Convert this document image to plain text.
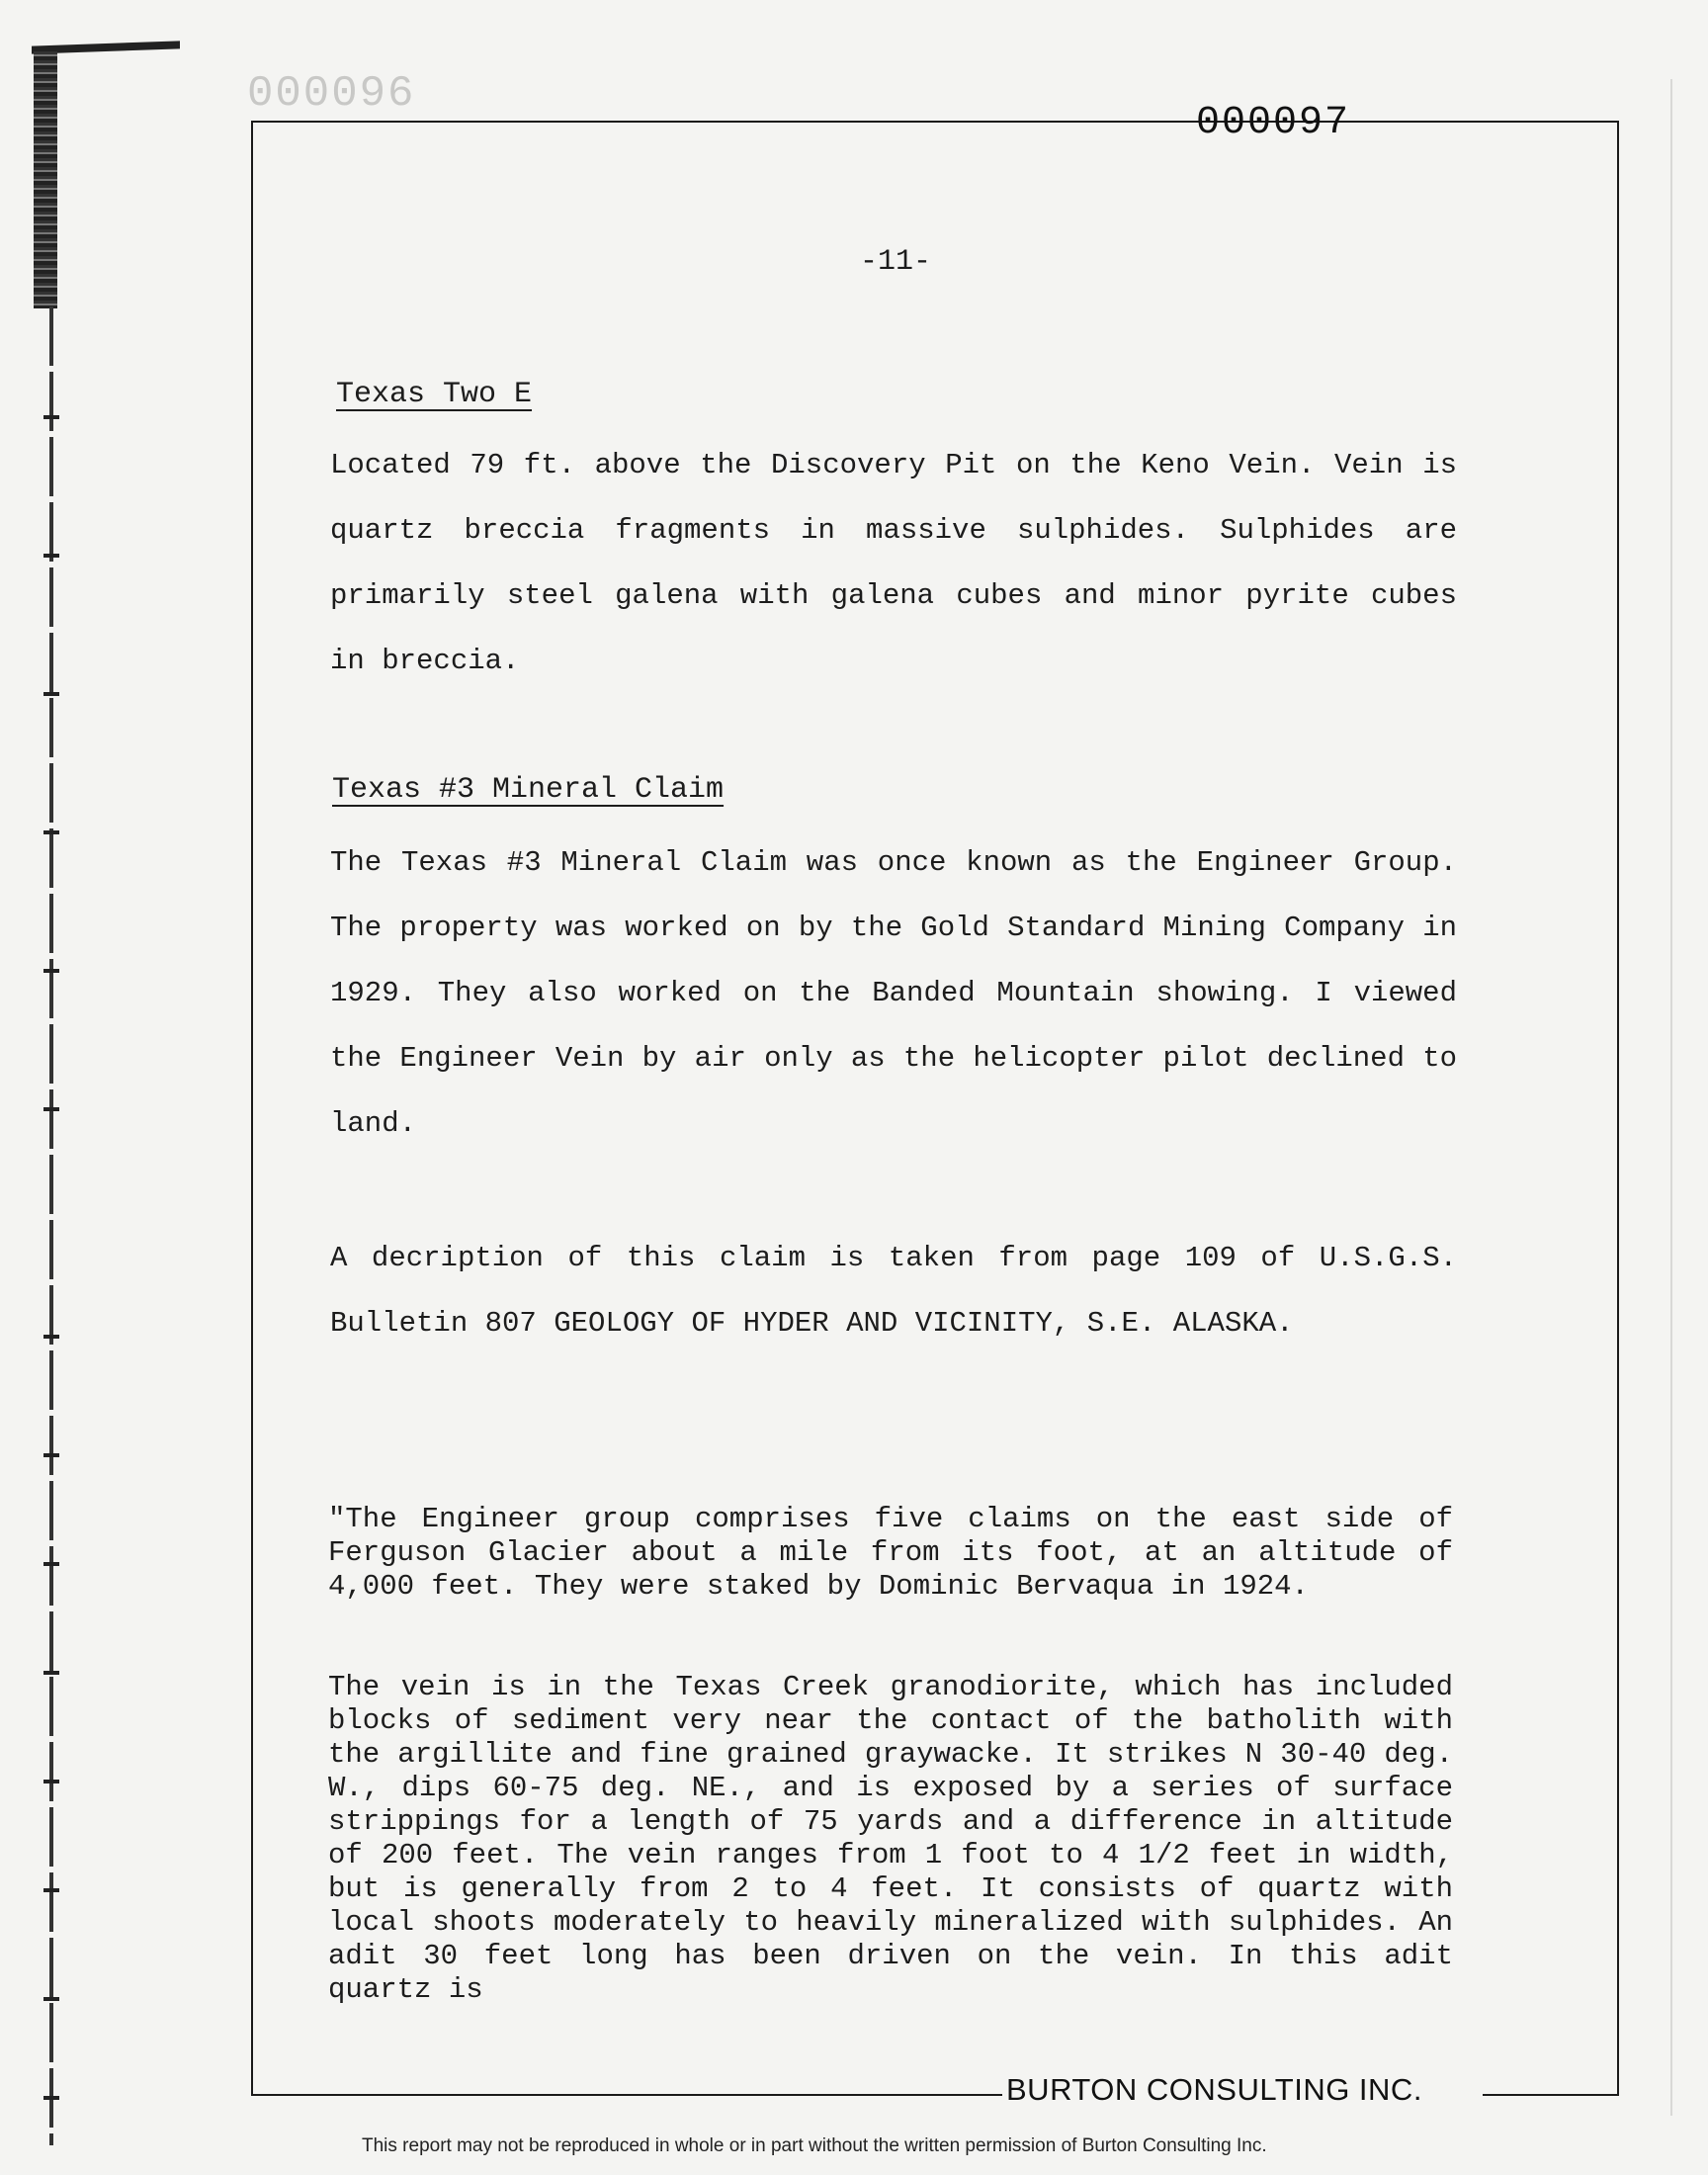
000096
000097
-11-
Texas Two E
Located 79 ft. above the Discovery Pit on the Keno Vein. Vein is quartz breccia fragments in massive sulphides. Sulphides are primarily steel galena with galena cubes and minor pyrite cubes in breccia.
Texas #3 Mineral Claim
The Texas #3 Mineral Claim was once known as the Engineer Group. The property was worked on by the Gold Standard Mining Company in 1929. They also worked on the Banded Mountain showing. I viewed the Engineer Vein by air only as the helicopter pilot declined to land.
A decription of this claim is taken from page 109 of U.S.G.S. Bulletin 807 GEOLOGY OF HYDER AND VICINITY, S.E. ALASKA.
"The Engineer group comprises five claims on the east side of Ferguson Glacier about a mile from its foot, at an altitude of 4,000 feet. They were staked by Dominic Bervaqua in 1924.
The vein is in the Texas Creek granodiorite, which has included blocks of sediment very near the contact of the batholith with the argillite and fine grained graywacke. It strikes N 30-40 deg. W., dips 60-75 deg. NE., and is exposed by a series of surface strippings for a length of 75 yards and a difference in altitude of 200 feet. The vein ranges from 1 foot to 4 1/2 feet in width, but is generally from 2 to 4 feet. It consists of quartz with local shoots moderately to heavily mineralized with sulphides. An adit 30 feet long has been driven on the vein. In this adit quartz is
BURTON CONSULTING INC.
This report may not be reproduced in whole or in part without the written permission of Burton Consulting Inc.
